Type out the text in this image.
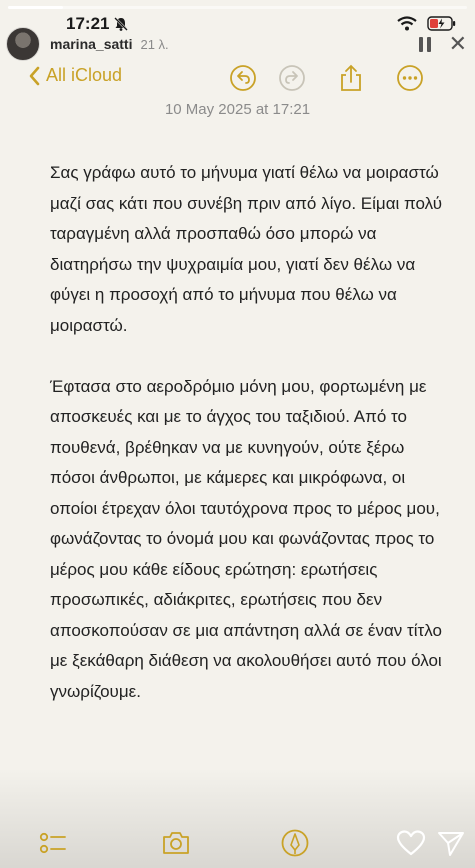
17:21
marina_satti 21 λ.	✕
All iCloud
10 May 2025 at 17:21

Σας γράφω αυτό το μήνυμα γιατί θέλω να μοιραστώ μαζί σας κάτι που συνέβη πριν από λίγο. Είμαι πολύ ταραγμένη αλλά προσπαθώ όσο μπορώ να διατηρήσω την ψυχραιμία μου, γιατί δεν θέλω να φύγει η προσοχή από το μήνυμα που θέλω να μοιραστώ.

Έφτασα στο αεροδρόμιο μόνη μου, φορτωμένη με αποσκευές και με το άγχος του ταξιδιού. Από το πουθενά, βρέθηκαν να με κυνηγούν, ούτε ξέρω πόσοι άνθρωποι, με κάμερες και μικρόφωνα, οι οποίοι έτρεχαν όλοι ταυτόχρονα προς το μέρος μου, φωνάζοντας το όνομά μου και φωνάζοντας προς το μέρος μου κάθε είδους ερώτηση: ερωτήσεις προσωπικές, αδιάκριτες, ερωτήσεις που δεν αποσκοπούσαν σε μια απάντηση αλλά σε έναν τίτλο με ξεκάθαρη διάθεση να ακολουθήσει αυτό που όλοι γνωρίζουμε.
